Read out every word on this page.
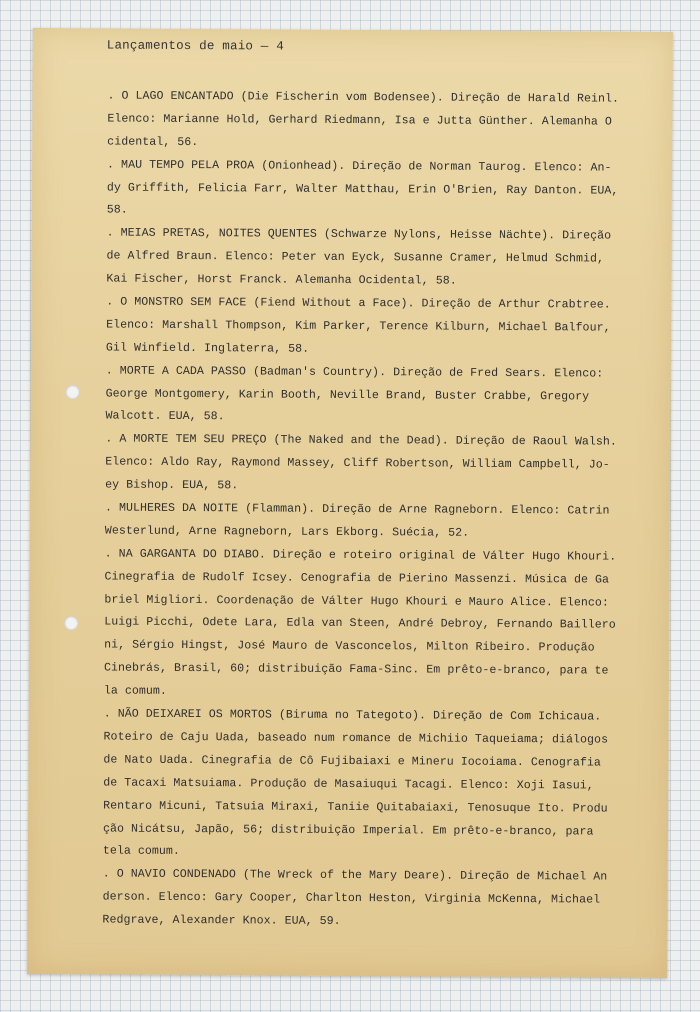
Lançamentos de maio — 4
. O LAGO ENCANTADO (Die Fischerin vom Bodensee). Direção de Harald Reinl.
Elenco: Marianne Hold, Gerhard Riedmann, Isa e Jutta Günther. Alemanha O
cidental, 56.
. MAU TEMPO PELA PROA (Onionhead). Direção de Norman Taurog. Elenco: An-
dy Griffith, Felicia Farr, Walter Matthau, Erin O'Brien, Ray Danton. EUA,
58.
. MEIAS PRETAS, NOITES QUENTES (Schwarze Nylons, Heisse Nächte). Direção
de Alfred Braun. Elenco: Peter van Eyck, Susanne Cramer, Helmud Schmid,
Kai Fischer, Horst Franck. Alemanha Ocidental, 58.
. O MONSTRO SEM FACE (Fiend Without a Face). Direção de Arthur Crabtree.
Elenco: Marshall Thompson, Kim Parker, Terence Kilburn, Michael Balfour,
Gil Winfield. Inglaterra, 58.
. MORTE A CADA PASSO (Badman's Country). Direção de Fred Sears. Elenco:
George Montgomery, Karin Booth, Neville Brand, Buster Crabbe, Gregory
Walcott. EUA, 58.
. A MORTE TEM SEU PREÇO (The Naked and the Dead). Direção de Raoul Walsh.
Elenco: Aldo Ray, Raymond Massey, Cliff Robertson, William Campbell, Jo-
ey Bishop. EUA, 58.
. MULHERES DA NOITE (Flamman). Direção de Arne Ragneborn. Elenco: Catrin
Westerlund, Arne Ragneborn, Lars Ekborg. Suécia, 52.
. NA GARGANTA DO DIABO. Direção e roteiro original de Válter Hugo Khouri.
Cinegrafia de Rudolf Icsey. Cenografia de Pierino Massenzi. Música de Ga
briel Migliori. Coordenação de Válter Hugo Khouri e Mauro Alice. Elenco:
Luigi Picchi, Odete Lara, Edla van Steen, André Debroy, Fernando Baillero
ni, Sérgio Hingst, José Mauro de Vasconcelos, Milton Ribeiro. Produção
Cinebrás, Brasil, 60; distribuição Fama-Sinc. Em prêto-e-branco, para te
la comum.
. NÃO DEIXAREI OS MORTOS (Biruma no Tategoto). Direção de Com Ichicaua.
Roteiro de Caju Uada, baseado num romance de Michiio Taqueiama; diálogos
de Nato Uada. Cinegrafia de Cô Fujibaiaxi e Mineru Iocoiama. Cenografia
de Tacaxi Matsuiama. Produção de Masaiuqui Tacagi. Elenco: Xoji Iasui,
Rentaro Micuni, Tatsuia Miraxi, Taniie Quitabaiaxi, Tenosuque Ito. Produ
ção Nicátsu, Japão, 56; distribuição Imperial. Em prêto-e-branco, para
tela comum.
. O NAVIO CONDENADO (The Wreck of the Mary Deare). Direção de Michael An
derson. Elenco: Gary Cooper, Charlton Heston, Virginia McKenna, Michael
Redgrave, Alexander Knox. EUA, 59.
